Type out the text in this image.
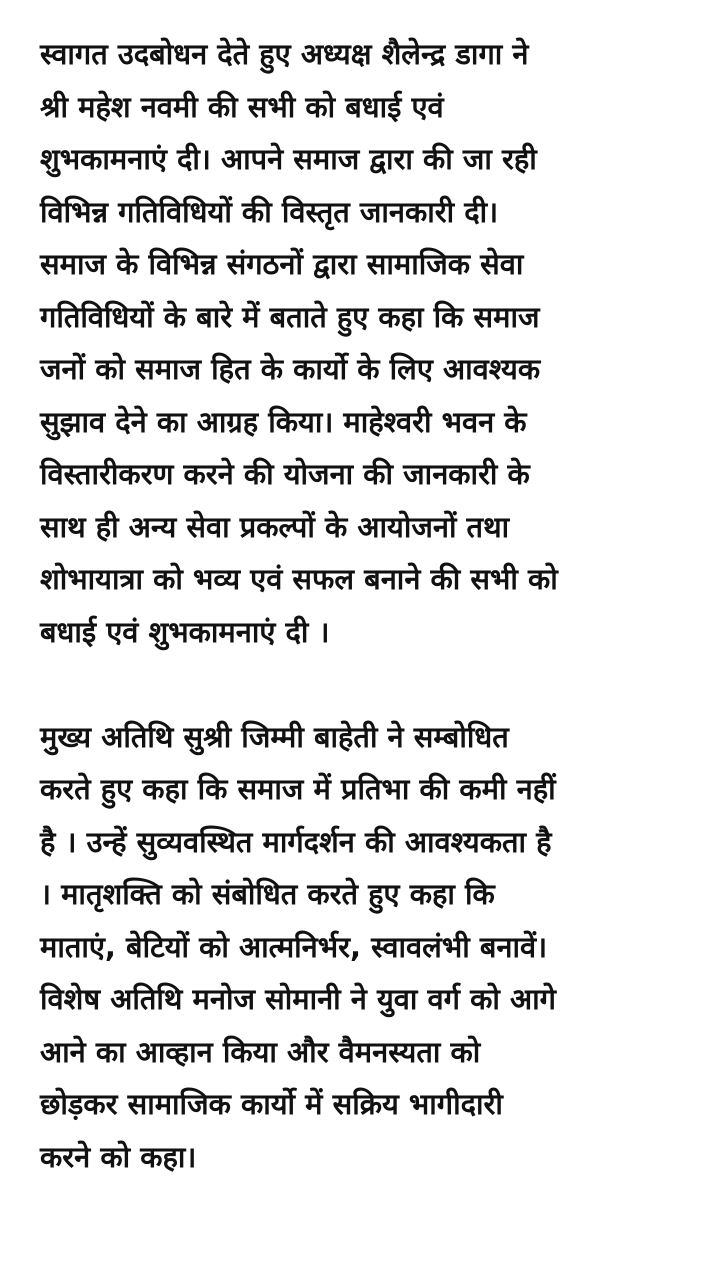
स्वागत उदबोधन देते हुए अध्यक्ष शैलेन्द्र डागा ने
श्री महेश नवमी की सभी को बधाई एवं
शुभकामनाएं दी। आपने समाज द्वारा की जा रही
विभिन्न गतिविधियों की विस्तृत जानकारी दी।
समाज के विभिन्न संगठनों द्वारा सामाजिक सेवा
गतिविधियों के बारे में बताते हुए कहा कि समाज
जनों को समाज हित के कार्यो के लिए आवश्यक
सुझाव देने का आग्रह किया। माहेश्वरी भवन के
विस्तारीकरण करने की योजना की जानकारी के
साथ ही अन्य सेवा प्रकल्पों के आयोजनों तथा
शोभायात्रा को भव्य एवं सफल बनाने की सभी को
बधाई एवं शुभकामनाएं दी ।
मुख्य अतिथि सुश्री जिम्मी बाहेती ने सम्बोधित
करते हुए कहा कि समाज में प्रतिभा की कमी नहीं
है । उन्हें सुव्यवस्थित मार्गदर्शन की आवश्यकता है
। मातृशक्ति को संबोधित करते हुए कहा कि
माताएं, बेटियों को आत्मनिर्भर, स्वावलंभी बनावें।
विशेष अतिथि मनोज सोमानी ने युवा वर्ग को आगे
आने का आव्हान किया और वैमनस्यता को
छोड़कर सामाजिक कार्यो में सक्रिय भागीदारी
करने को कहा।
